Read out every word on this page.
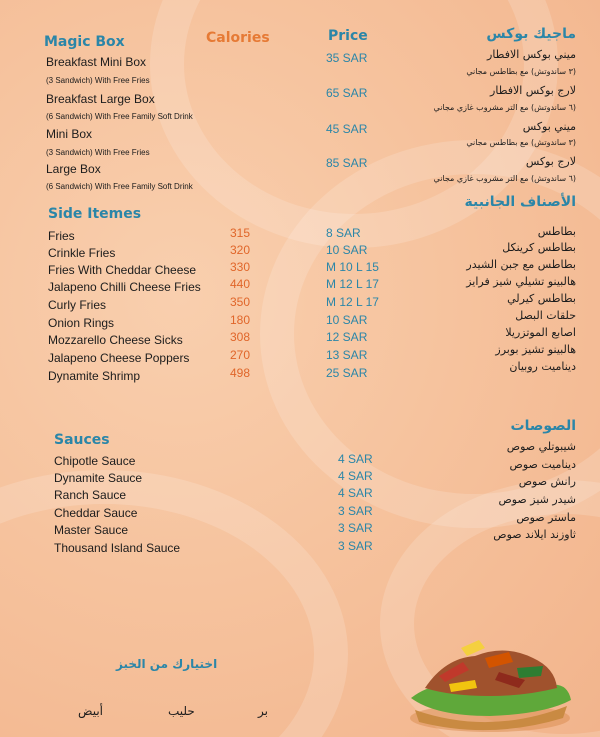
Magic Box	Calories	Price	ماجيك بوكس
Breakfast Mini Box
(3 Sandwich) With Free Fries
35 SAR	ميني بوكس الافطار
(٣ ساندوتش) مع بطاطس مجاني
Breakfast Large Box
(6 Sandwich) With Free Family Soft Drink
65 SAR	لارج بوكس الافطار
(٦ ساندوتش) مع التر مشروب غازي مجاني
Mini Box
(3 Sandwich) With Free Fries
45 SAR	ميني بوكس
(٣ ساندوتش) مع بطاطس مجاني
Large Box
(6 Sandwich) With Free Family Soft Drink
85 SAR	لارج بوكس
(٦ ساندوتش) مع التر مشروب غازي مجاني
Side Itemes
الأصناف الجانبية
Sauces
الصوصات
اختيارك من الخبز
بر
حليب
أبيض
Fries	315	8 SAR	بطاطس
Crinkle Fries	320	10 SAR	بطاطس كرينكل
Fries With Cheddar Cheese	330	M 10 L 15	بطاطس مع جبن الشيدر
Jalapeno Chilli Cheese Fries 440	M 12 L 17	هالبينو تشيلي شيز فرايز
Curly Fries	350	M 12 L 17	بطاطس كيرلي
Onion Rings	180	10 SAR	حلقات البصل
Mozzarello Cheese Sicks	308	12 SAR	اصابع الموتزريلا
Jalapeno Cheese Poppers	270	13 SAR	هالبينو تشيز بوبرز
Dynamite Shrimp	498	25 SAR	ديناميت روبيان
Chipotle Sauce	4 SAR
شيبوتلي صوص
Dynamite Sauce	4 SAR
ديناميت صوص
Ranch Sauce	4 SAR
رانش صوص
Cheddar Sauce	3 SAR
شيدر شيز صوص
Master Sauce	3 SAR
ماستر صوص
Thousand Island Sauce	3 SAR
ثاوزند ايلاند صوص
